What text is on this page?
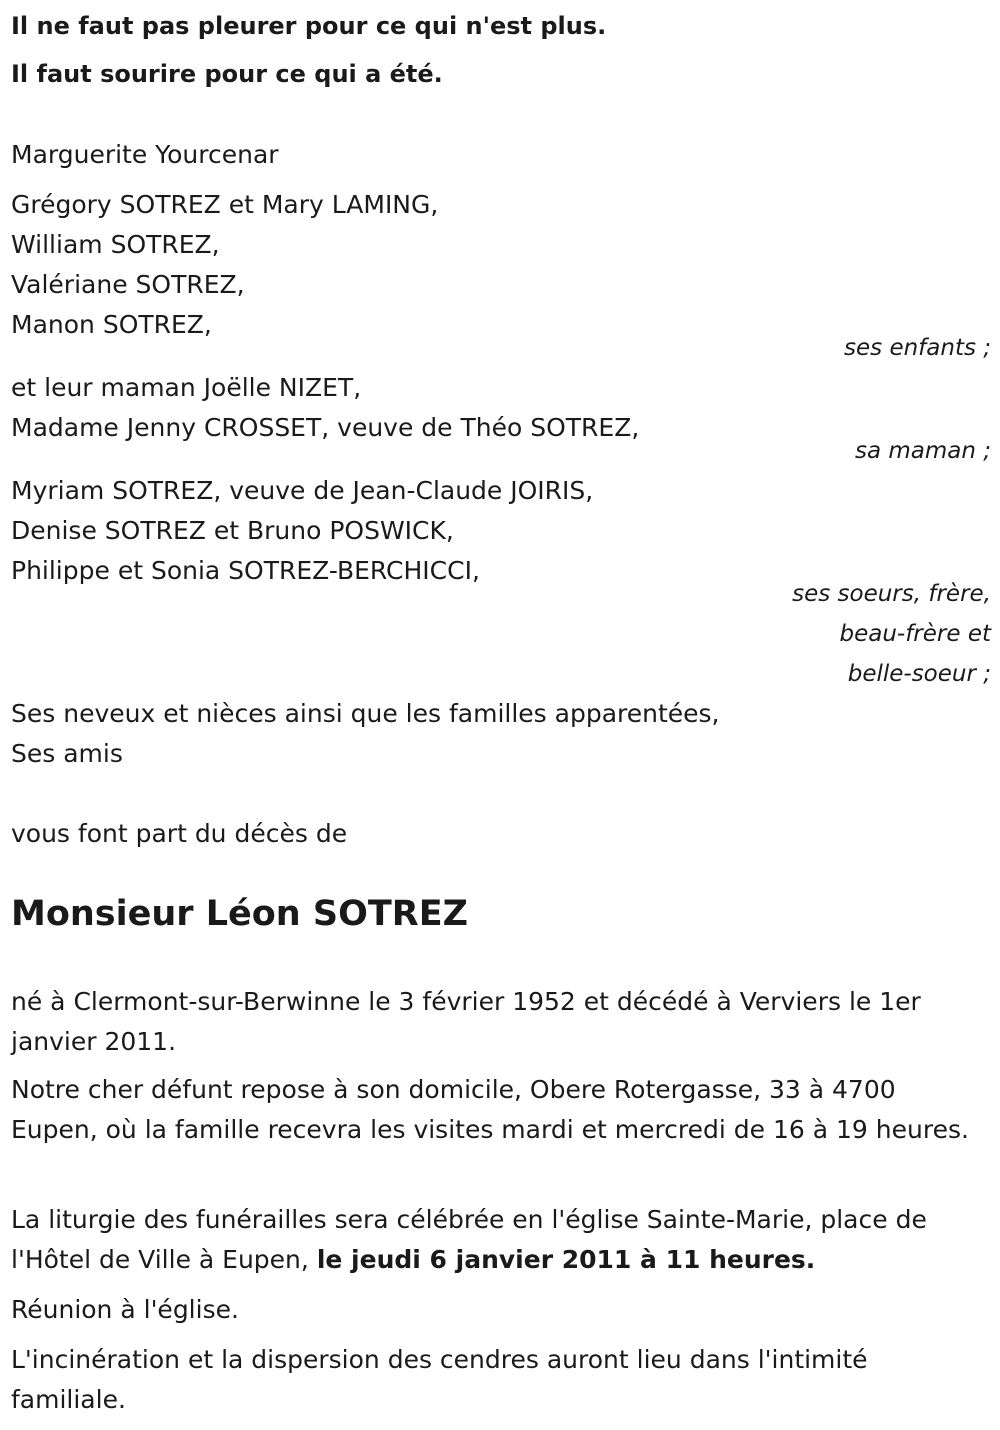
Il ne faut pas pleurer pour ce qui n'est plus.

Il faut sourire pour ce qui a été.

Marguerite Yourcenar

Grégory SOTREZ et Mary LAMING,

William SOTREZ,

Valériane SOTREZ,

Manon SOTREZ,

ses enfants ;

et leur maman Joëlle NIZET,

Madame Jenny CROSSET, veuve de Théo SOTREZ,

sa maman ;

Myriam SOTREZ, veuve de Jean-Claude JOIRIS,

Denise SOTREZ et Bruno POSWICK,

Philippe et Sonia SOTREZ-BERCHICCI,

ses soeurs, frère,

beau-frère et

belle-soeur ;

Ses neveux et nièces ainsi que les familles apparentées,

Ses amis

vous font part du décès de

Monsieur Léon SOTREZ

né à Clermont-sur-Berwinne le 3 février 1952 et décédé à Verviers le 1er janvier 2011.

Notre cher défunt repose à son domicile, Obere Rotergasse, 33 à 4700 Eupen, où la famille recevra les visites mardi et mercredi de 16 à 19 heures.

La liturgie des funérailles sera célébrée en l'église Sainte-Marie, place de l'Hôtel de Ville à Eupen, le jeudi 6 janvier 2011 à 11 heures.

Réunion à l'église.

L'incinération et la dispersion des cendres auront lieu dans l'intimité familiale.
